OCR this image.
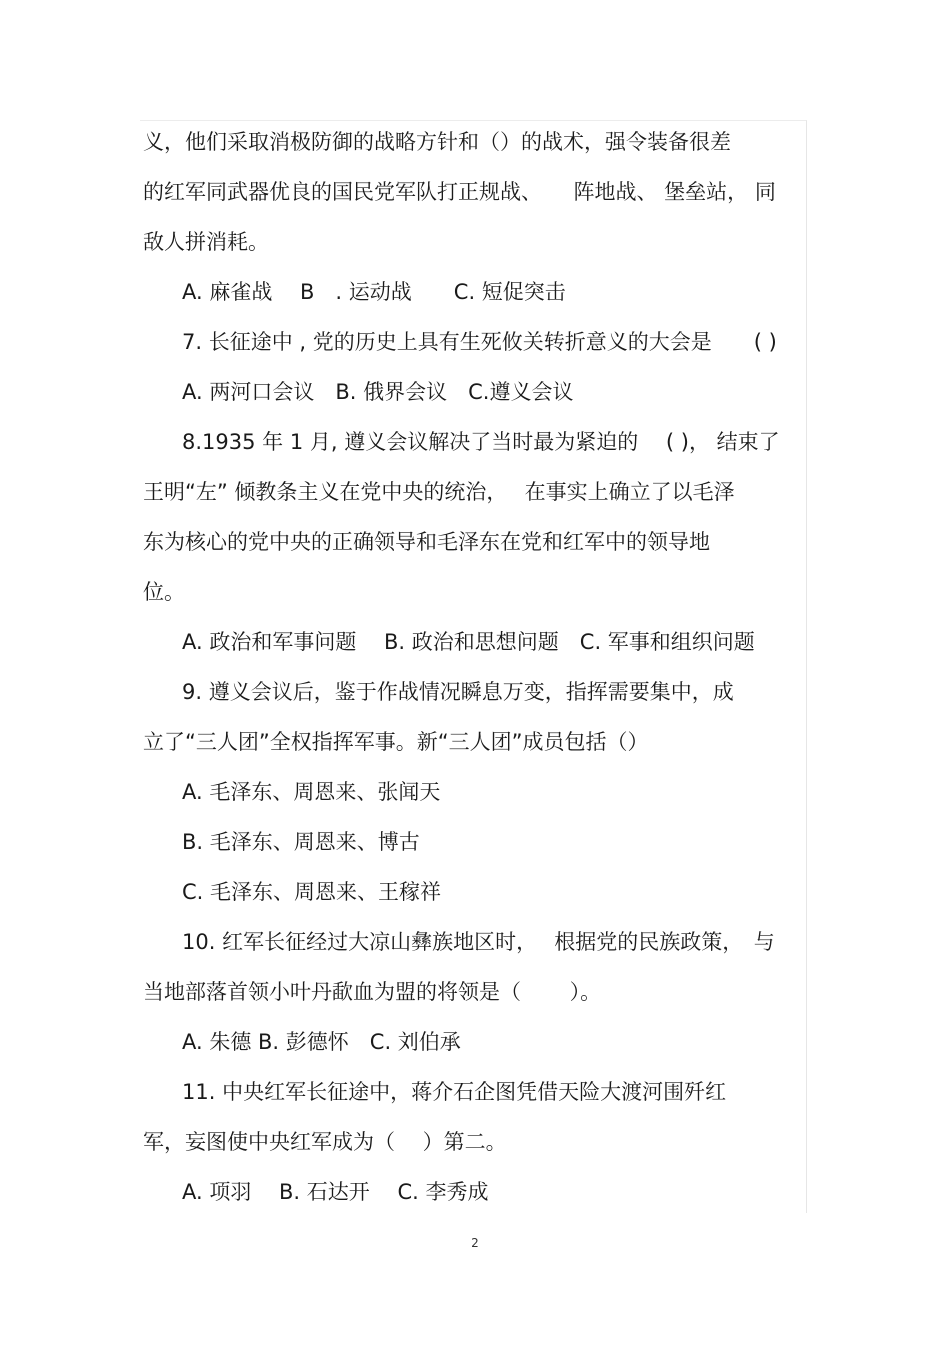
义，他们采取消极防御的战略方针和（）的战术，强令装备很差
的红军同武器优良的国民党军队打正规战、　　阵地战、 堡垒站， 同
敌人拼消耗。
A. 麻雀战　 B　. 运动战　　C. 短促突击
7. 长征途中 , 党的历史上具有生死攸关转折意义的大会是　　( )
A. 两河口会议　B. 俄界会议　C.遵义会议
8.1935 年 1 月, 遵义会议解决了当时最为紧迫的　 ( )， 结束了
王明“左” 倾教条主义在党中央的统治，　 在事实上确立了以毛泽
东为核心的党中央的正确领导和毛泽东在党和红军中的领导地
位。
A. 政治和军事问题　 B. 政治和思想问题　C. 军事和组织问题
9. 遵义会议后，鉴于作战情况瞬息万变，指挥需要集中，成
立了“三人团”全权指挥军事。新“三人团”成员包括（）
A. 毛泽东、周恩来、张闻天
B. 毛泽东、周恩来、博古
C. 毛泽东、周恩来、王稼祥
10. 红军长征经过大凉山彝族地区时，　 根据党的民族政策，　与
当地部落首领小叶丹歃血为盟的将领是（　　 ）。
A. 朱德 B. 彭德怀　C. 刘伯承
11. 中央红军长征途中，蒋介石企图凭借天险大渡河围歼红
军，妄图使中央红军成为（　 ）第二。
A. 项羽　 B. 石达开　 C. 李秀成
2
